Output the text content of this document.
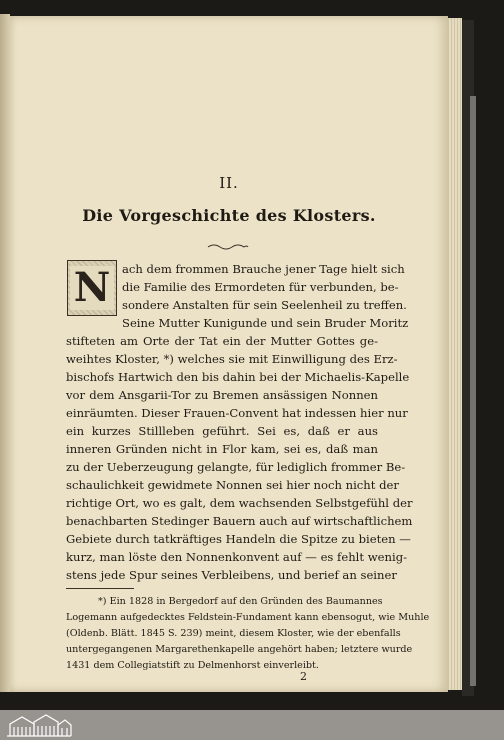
II.
Die Vorgeschichte des Klosters.
N	ach dem frommen Brauche jener Tage hielt sich
die Familie des Ermordeten für verbunden, be-
sondere Anstalten für sein Seelenheil zu treffen.
Seine Mutter Kunigunde und sein Bruder Moritz
stifteten am Orte der Tat ein der Mutter Gottes ge-
weihtes Kloster, *) welches sie mit Einwilligung des Erz-
bischofs Hartwich den bis dahin bei der Michaelis-Kapelle
vor dem Ansgarii-Tor zu Bremen ansässigen Nonnen
einräumten. Dieser Frauen-Convent hat indessen hier nur
ein kurzes Stillleben geführt. Sei es, daß er aus
inneren Gründen nicht in Flor kam, sei es, daß man
zu der Ueberzeugung gelangte, für lediglich frommer Be-
schaulichkeit gewidmete Nonnen sei hier noch nicht der
richtige Ort, wo es galt, dem wachsenden Selbstgefühl der
benachbarten Stedinger Bauern auch auf wirtschaftlichem
Gebiete durch tatkräftiges Handeln die Spitze zu bieten —
kurz, man löste den Nonnenkonvent auf — es fehlt wenig-
stens jede Spur seines Verbleibens, und berief an seiner
*) Ein 1828 in Bergedorf auf den Gründen des Baumannes
Logemann aufgedecktes Feldstein-Fundament kann ebensogut, wie Muhle
(Oldenb. Blätt. 1845 S. 239) meint, diesem Kloster, wie der ebenfalls
untergegangenen Margarethenkapelle angehört haben; letztere wurde
1431 dem Collegiatstift zu Delmenhorst einverleibt.
2
